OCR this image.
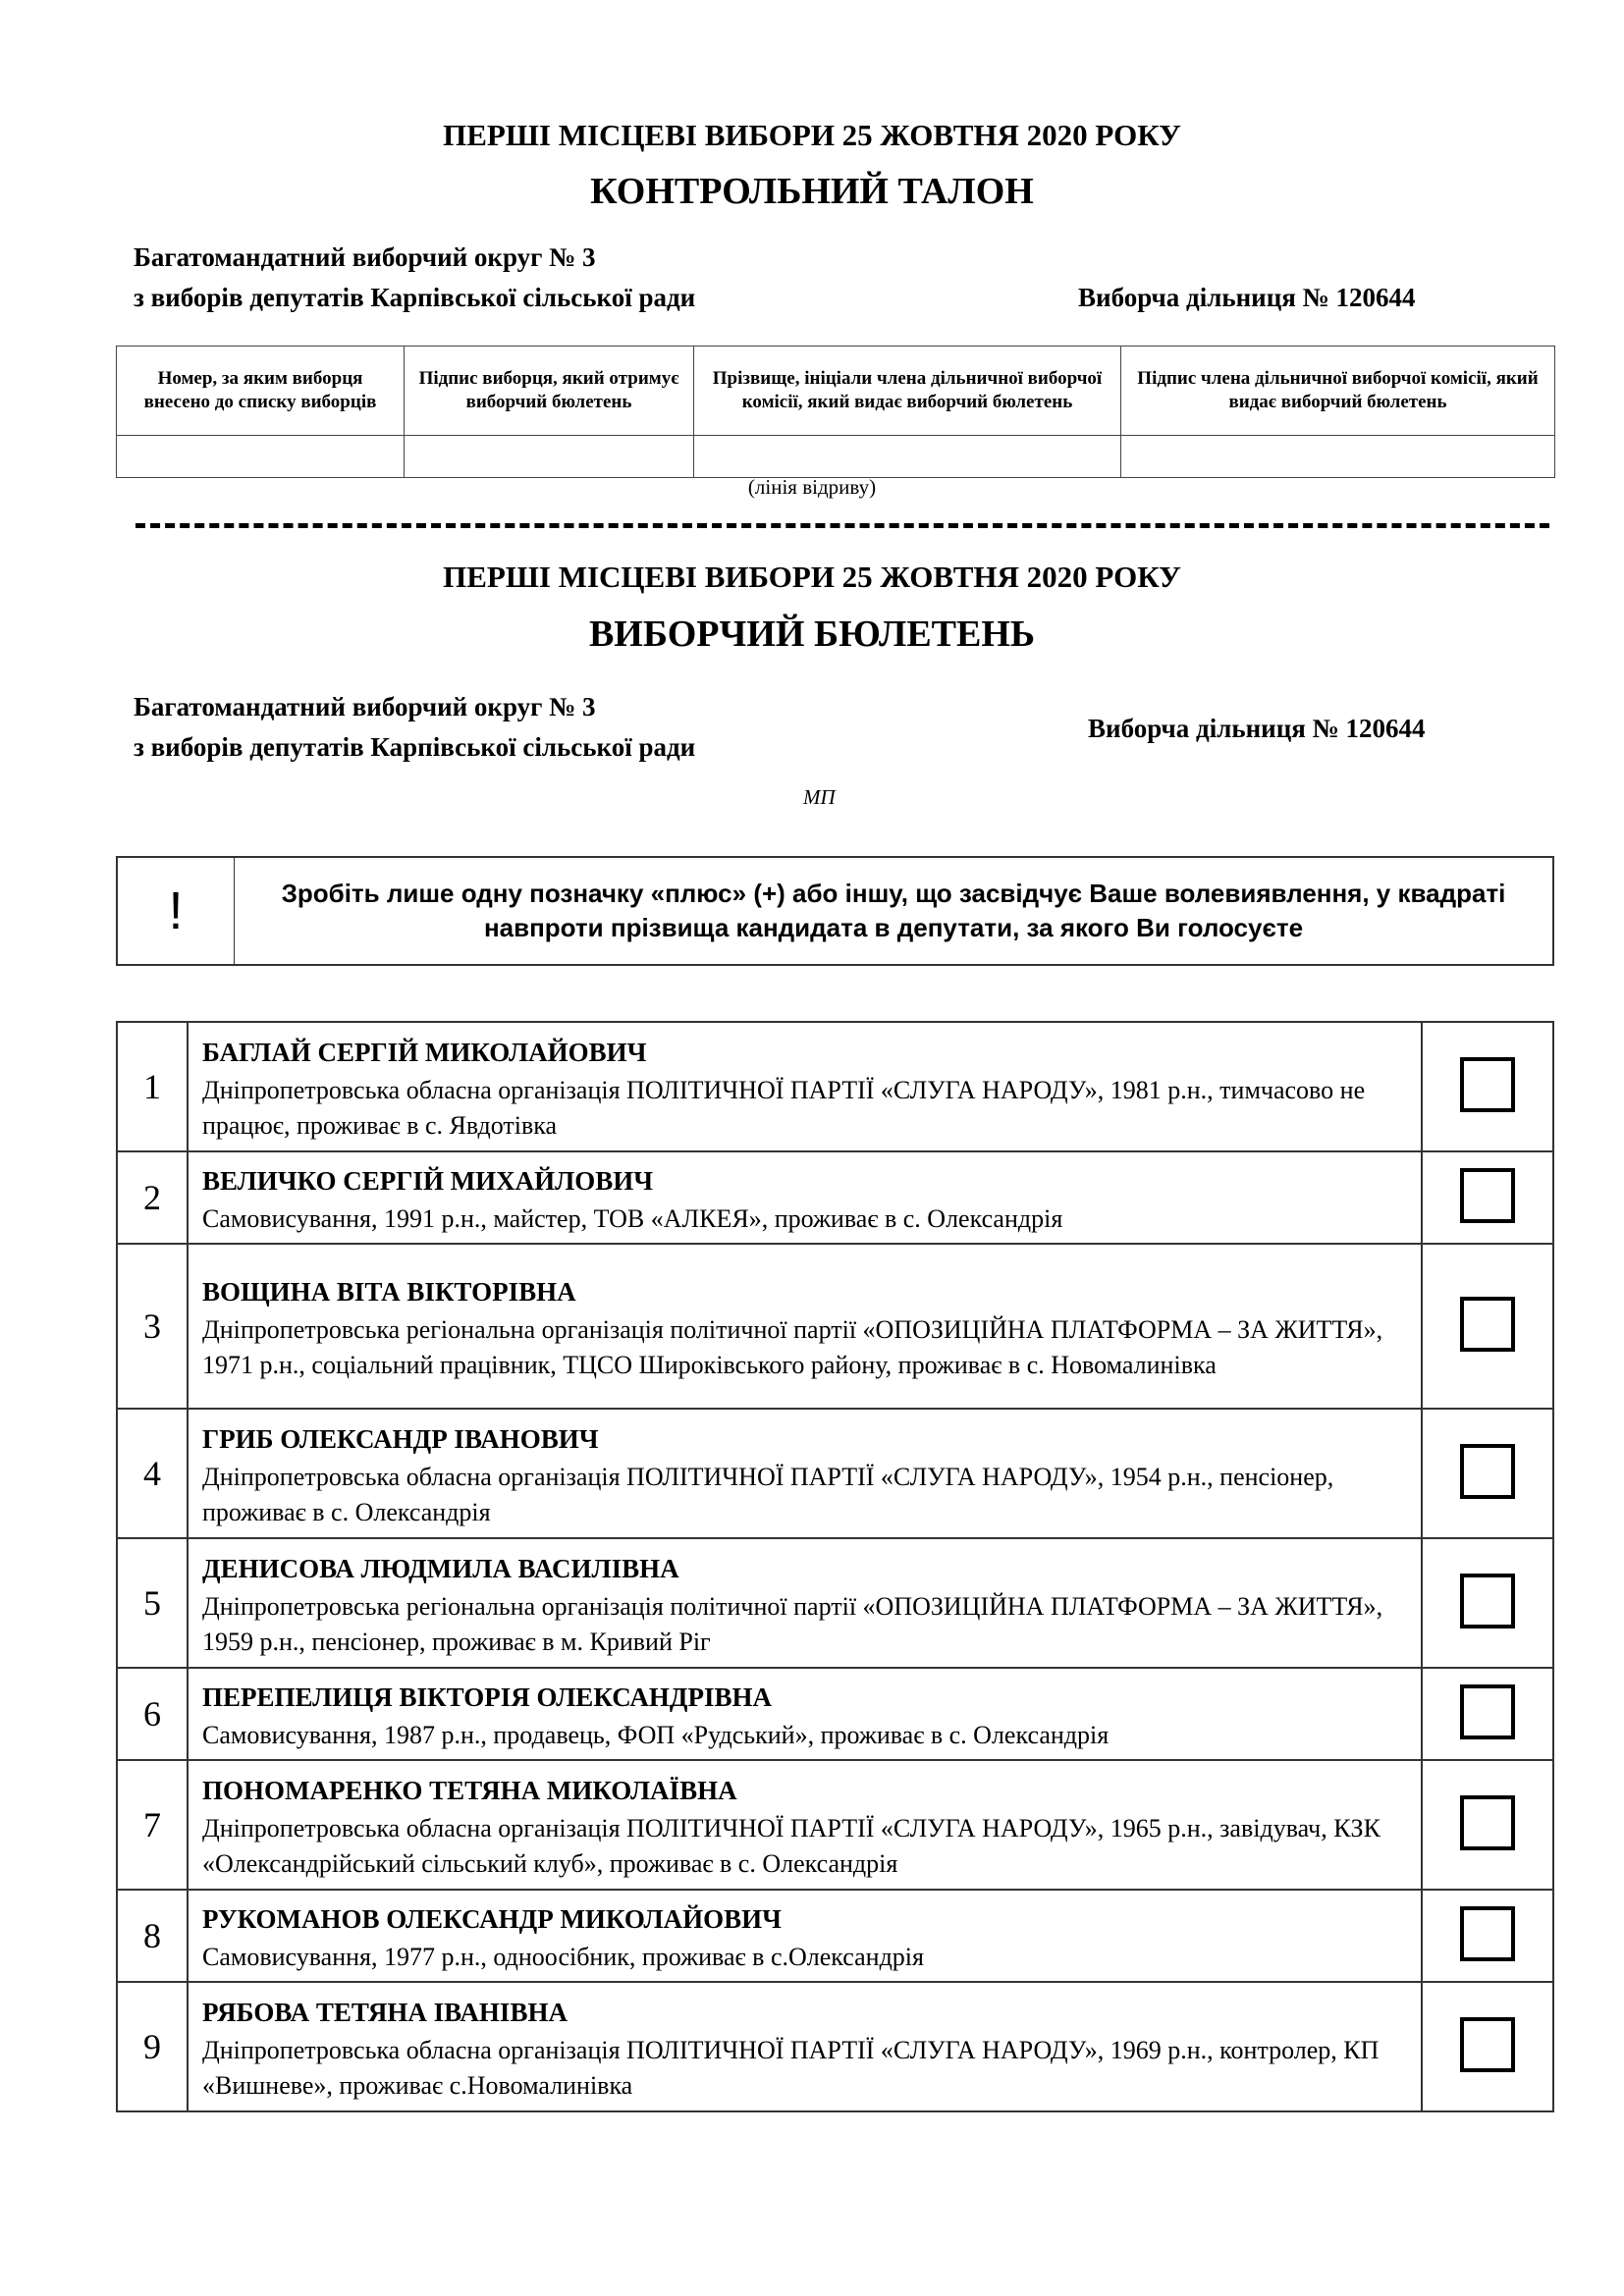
ПЕРШІ МІСЦЕВІ ВИБОРИ 25 ЖОВТНЯ 2020 РОКУ
КОНТРОЛЬНИЙ ТАЛОН
Багатомандатний виборчий округ № 3
з виборів депутатів Карпівської сільської ради	Виборча дільниця № 120644
Номер, за яким виборця внесено до списку виборців	Підпис виборця, який отримує виборчий бюлетень	Прізвище, ініціали члена дільничної виборчої комісії, який видає виборчий бюлетень	Підпис члена дільничної виборчої комісії, який видає виборчий бюлетень

(лінія відриву)
ПЕРШІ МІСЦЕВІ ВИБОРИ 25 ЖОВТНЯ 2020 РОКУ
ВИБОРЧИЙ БЮЛЕТЕНЬ
Багатомандатний виборчий округ № 3
з виборів депутатів Карпівської сільської ради
Виборча дільниця № 120644
МП
!	Зробіть лише одну позначку «плюс» (+) або іншу, що засвідчує Ваше волевиявлення, у квадраті навпроти прізвища кандидата в депутати, за якого Ви голосуєте
1	БАГЛАЙ СЕРГІЙ МИКОЛАЙОВИЧ
Дніпропетровська обласна організація ПОЛІТИЧНОЇ ПАРТІЇ «СЛУГА НАРОДУ», 1981 р.н., тимчасово не працює, проживає в с. Явдотівка	

2	ВЕЛИЧКО СЕРГІЙ МИХАЙЛОВИЧ
Самовисування, 1991 р.н., майстер, ТОВ «АЛКЕЯ», проживає в с. Олександрія	

3	ВОЩИНА ВІТА ВІКТОРІВНА
Дніпропетровська регіональна організація політичної партії «ОПОЗИЦІЙНА ПЛАТФОРМА – ЗА ЖИТТЯ», 1971 р.н., соціальний працівник, ТЦСО Широківського району, проживає в с. Новомалинівка	

4	ГРИБ ОЛЕКСАНДР ІВАНОВИЧ
Дніпропетровська обласна організація ПОЛІТИЧНОЇ ПАРТІЇ «СЛУГА НАРОДУ», 1954 р.н., пенсіонер, проживає в с. Олександрія	

5	ДЕНИСОВА ЛЮДМИЛА ВАСИЛІВНА
Дніпропетровська регіональна організація політичної партії «ОПОЗИЦІЙНА ПЛАТФОРМА – ЗА ЖИТТЯ», 1959 р.н., пенсіонер, проживає в м. Кривий Ріг	

6	ПЕРЕПЕЛИЦЯ ВІКТОРІЯ ОЛЕКСАНДРІВНА
Самовисування, 1987 р.н., продавець, ФОП «Рудський», проживає в с. Олександрія	

7	ПОНОМАРЕНКО ТЕТЯНА МИКОЛАЇВНА
Дніпропетровська обласна організація ПОЛІТИЧНОЇ ПАРТІЇ «СЛУГА НАРОДУ», 1965 р.н., завідувач, КЗК «Олександрійський сільський клуб», проживає в с. Олександрія	

8	РУКОМАНОВ ОЛЕКСАНДР МИКОЛАЙОВИЧ
Самовисування, 1977 р.н., одноосібник, проживає в с.Олександрія	

9	РЯБОВА ТЕТЯНА ІВАНІВНА
Дніпропетровська обласна організація ПОЛІТИЧНОЇ ПАРТІЇ «СЛУГА НАРОДУ», 1969 р.н., контролер, КП «Вишневе», проживає с.Новомалинівка	
